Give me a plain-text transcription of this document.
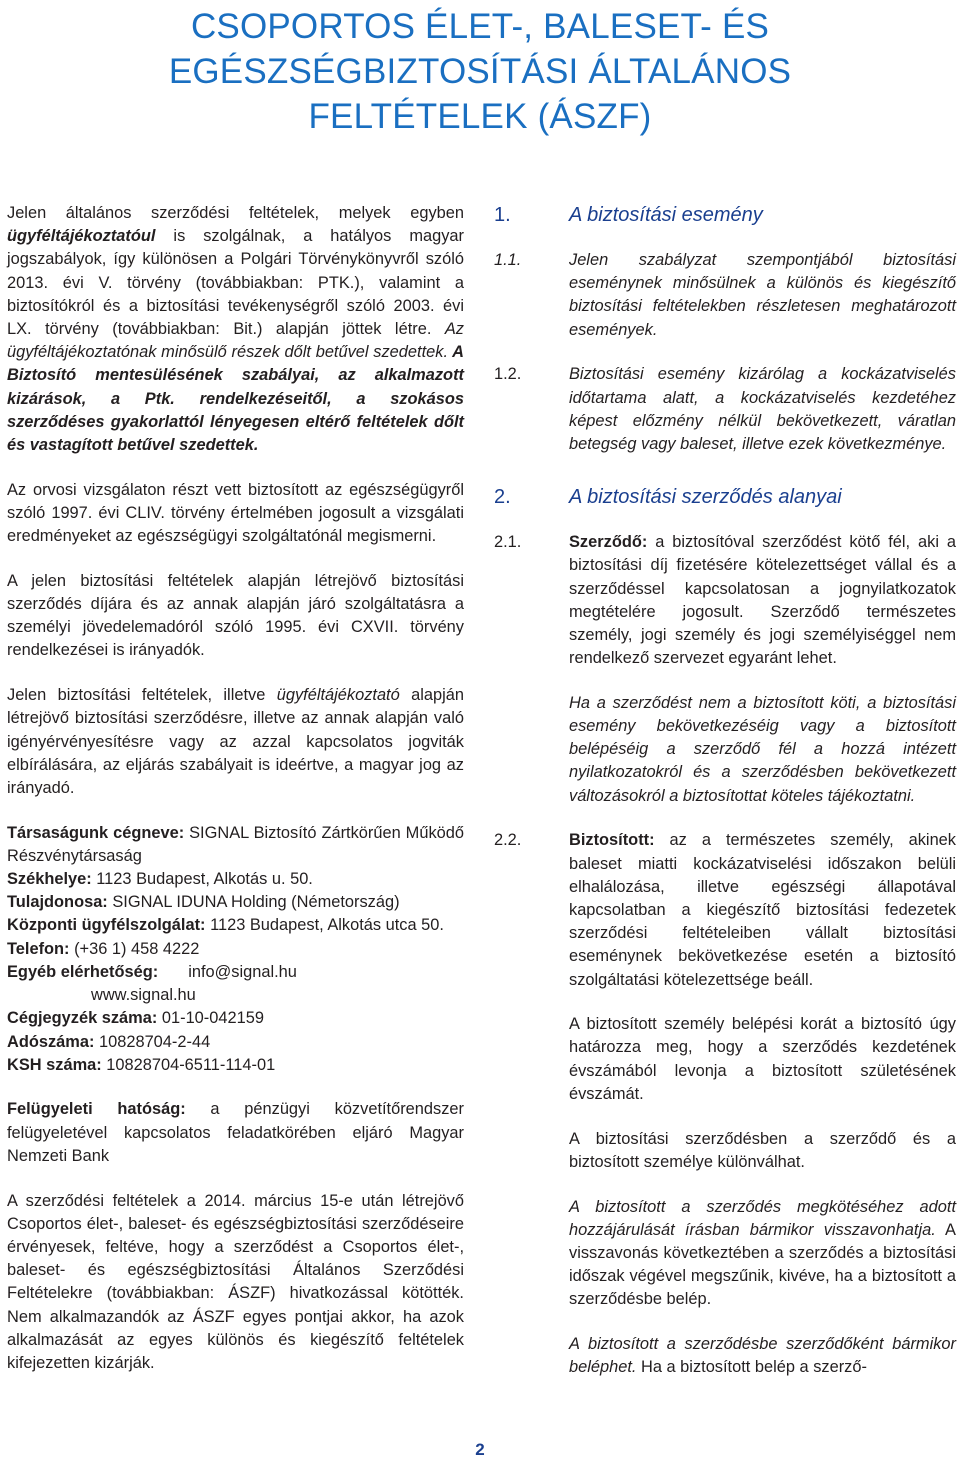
CSOPORTOS ÉLET-, BALESET- ÉS
EGÉSZSÉGBIZTOSÍTÁSI ÁLTALÁNOS
FELTÉTELEK (ÁSZF)

Jelen általános szerződési feltételek, melyek egyben ügyféltájékoztatóul is szolgálnak, a hatályos magyar jogszabályok, így különösen a Polgári Törvénykönyvről szóló 2013. évi V. törvény (továbbiakban: PTK.), valamint a biztosítókról és a biztosítási tevékenységről szóló 2003. évi LX. törvény (továbbiakban: Bit.) alapján jöttek létre. Az ügyféltájékoztatónak minősülő részek dőlt betűvel szedettek. A Biztosító mentesülésének szabályai, az alkalmazott kizárások, a Ptk. rendelkezéseitől, a szokásos szerződéses gyakorlattól lényegesen eltérő feltételek dőlt és vastagított betűvel szedettek.

Az orvosi vizsgálaton részt vett biztosított az egészségügyről szóló 1997. évi CLIV. törvény értelmében jogosult a vizsgálati eredményeket az egészségügyi szolgáltatónál megismerni.

A jelen biztosítási feltételek alapján létrejövő biztosítási szerződés díjára és az annak alapján járó szolgáltatásra a személyi jövedelemadóról szóló 1995. évi CXVII. törvény rendelkezései is irányadók.

Jelen biztosítási feltételek, illetve ügyféltájékoztató alapján létrejövő biztosítási szerződésre, illetve az annak alapján való igényérvényesítésre vagy az azzal kapcsolatos jogviták elbírálására, az eljárás szabályait is ideértve, a magyar jog az irányadó.

Társaságunk cégneve: SIGNAL Biztosító Zártkörűen Működő Részvénytársaság
Székhelye: 1123 Budapest, Alkotás u. 50.
Tulajdonosa: SIGNAL IDUNA Holding (Németország)
Központi ügyfélszolgálat: 1123 Budapest, Alkotás utca 50.
Telefon: (+36 1) 458 4222
Egyéb elérhetőség: info@signal.hu
www.signal.hu
Cégjegyzék száma: 01-10-042159
Adószáma: 10828704-2-44
KSH száma: 10828704-6511-114-01

Felügyeleti hatóság: a pénzügyi közvetítőrendszer felügyeletével kapcsolatos feladatkörében eljáró Magyar Nemzeti Bank

A szerződési feltételek a 2014. március 15-e után létrejövő Csoportos élet-, baleset- és egészségbiztosítási szerződéseire érvényesek, feltéve, hogy a szerződést a Csoportos élet-, baleset- és egészségbiztosítási Általános Szerződési Feltételekre (továbbiakban: ÁSZF) hivatkozással kötötték. Nem alkalmazandók az ÁSZF egyes pontjai akkor, ha azok alkalmazását az egyes különös és kiegészítő feltételek kifejezetten kizárják.

1.	A biztosítási esemény
1.1.	Jelen szabályzat szempontjából biztosítási eseménynek minősülnek a különös és kiegészítő biztosítási feltételekben részletesen meghatározott események.
1.2.	Biztosítási esemény kizárólag a kockázatviselés időtartama alatt, a kockázatviselés kezdetéhez képest előzmény nélkül bekövetkezett, váratlan betegség vagy baleset, illetve ezek következménye.
2.	A biztosítási szerződés alanyai
2.1.	Szerződő: a biztosítóval szerződést kötő fél, aki a biztosítási díj fizetésére kötelezettséget vállal és a szerződéssel kapcsolatosan a jognyilatkozatok megtételére jogosult. Szerződő természetes személy, jogi személy és jogi személyiséggel nem rendelkező szervezet egyaránt lehet.

Ha a szerződést nem a biztosított köti, a biztosítási esemény bekövetkezéséig vagy a biztosított belépéséig a szerződő fél a hozzá intézett nyilatkozatokról és a szerződésben bekövetkezett változásokról a biztosítottat köteles tájékoztatni.

2.2.	Biztosított: az a természetes személy, akinek baleset miatti kockázatviselési időszakon belüli elhalálozása, illetve egészségi állapotával kapcsolatban a kiegészítő biztosítási fedezetek szerződési feltételeiben vállalt biztosítási eseménynek bekövetkezése esetén a biztosító szolgáltatási kötelezettsége beáll.

A biztosított személy belépési korát a biztosító úgy határozza meg, hogy a szerződés kezdetének évszámából levonja a biztosított születésének évszámát.

A biztosítási szerződésben a szerződő és a biztosított személye különválhat.

A biztosított a szerződés megkötéséhez adott hozzájárulását írásban bármikor visszavonhatja. A visszavonás következtében a szerződés a biztosítási időszak végével megszűnik, kivéve, ha a biztosított a szerződésbe belép.

A biztosított a szerződésbe szerződőként bármikor beléphet. Ha a biztosított belép a szerző-

2
